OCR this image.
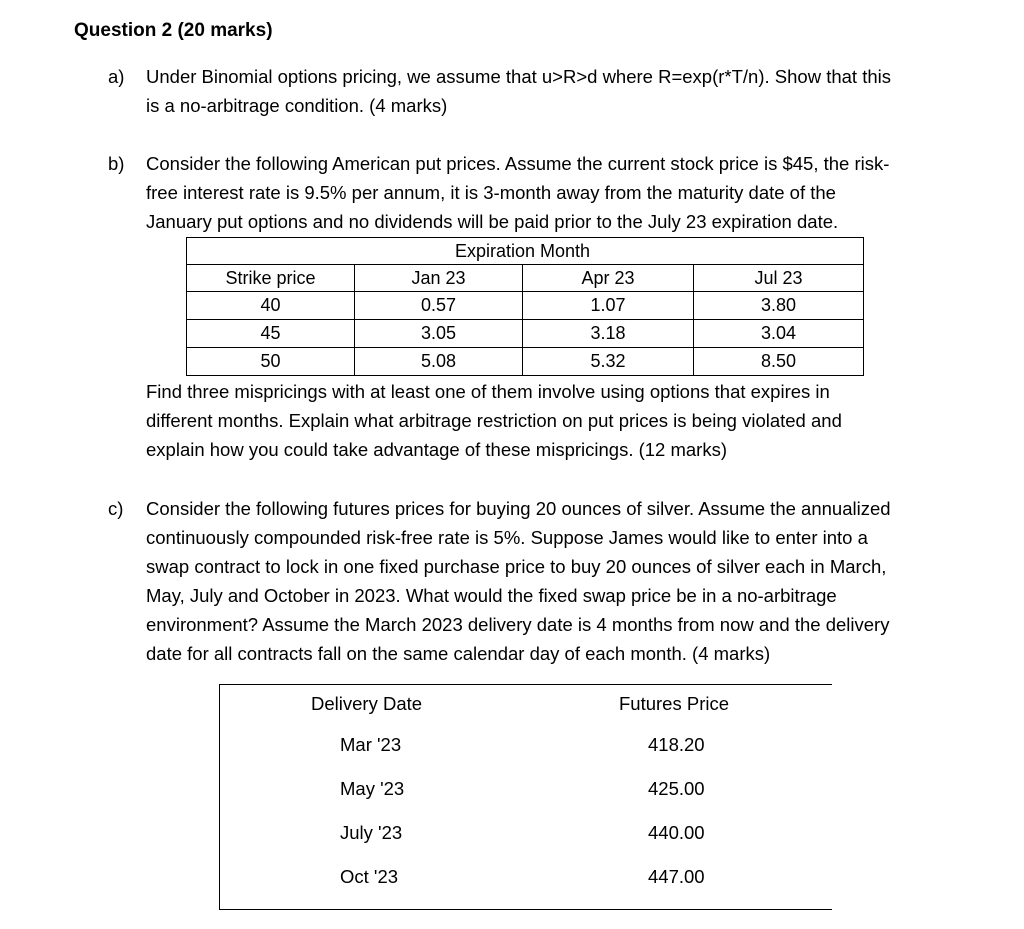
Question 2 (20 marks)
a) Under Binomial options pricing, we assume that u>R>d where R=exp(r*T/n). Show that this
is a no-arbitrage condition. (4 marks)
b) Consider the following American put prices. Assume the current stock price is $45, the risk-
free interest rate is 9.5% per annum, it is 3-month away from the maturity date of the
January put options and no dividends will be paid prior to the July 23 expiration date.
	Expiration Month		
Strike price	Jan 23	Apr 23	Jul 23
40	0.57	1.07	3.80
45	3.05	3.18	3.04
50	5.08	5.32	8.50
Find three mispricings with at least one of them involve using options that expires in
different months. Explain what arbitrage restriction on put prices is being violated and
explain how you could take advantage of these mispricings. (12 marks)
c) Consider the following futures prices for buying 20 ounces of silver. Assume the annualized
continuously compounded risk-free rate is 5%. Suppose James would like to enter into a
swap contract to lock in one fixed purchase price to buy 20 ounces of silver each in March,
May, July and October in 2023. What would the fixed swap price be in a no-arbitrage
environment? Assume the March 2023 delivery date is 4 months from now and the delivery
date for all contracts fall on the same calendar day of each month. (4 marks)
Delivery Date	Futures Price
Mar '23	418.20
May '23	425.00
July '23	440.00
Oct '23	447.00
